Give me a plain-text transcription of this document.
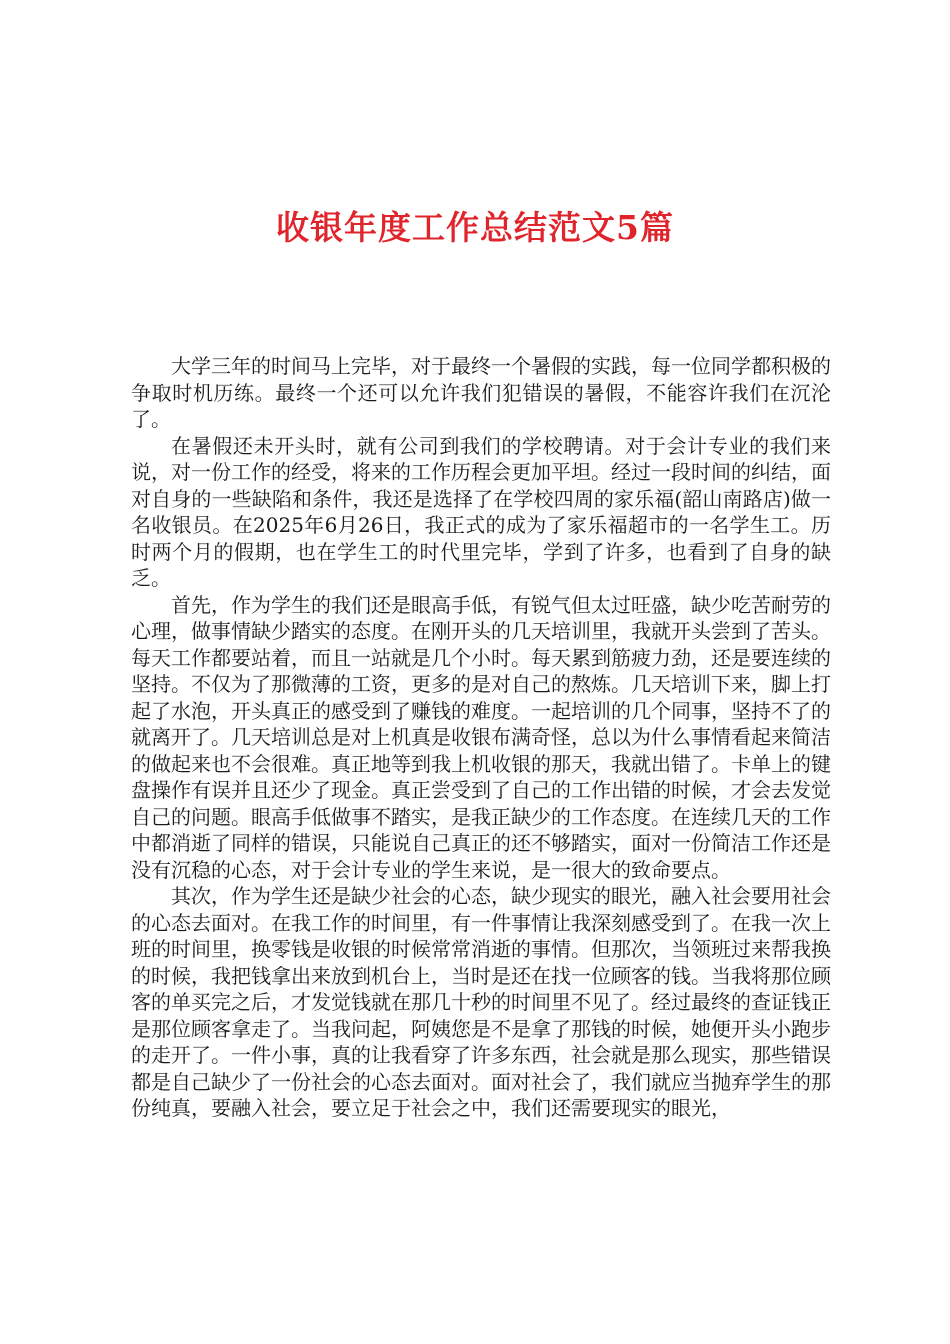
收银年度工作总结范文5篇

大学三年的时间马上完毕，对于最终一个暑假的实践，每一位同学都积极的争取时机历练。最终一个还可以允许我们犯错误的暑假，不能容许我们在沉沦了。

在暑假还未开头时，就有公司到我们的学校聘请。对于会计专业的我们来说，对一份工作的经受，将来的工作历程会更加平坦。经过一段时间的纠结，面对自身的一些缺陷和条件，我还是选择了在学校四周的家乐福(韶山南路店)做一名收银员。在2025年6月26日，我正式的成为了家乐福超市的一名学生工。历时两个月的假期，也在学生工的时代里完毕，学到了许多，也看到了自身的缺乏。

首先，作为学生的我们还是眼高手低，有锐气但太过旺盛，缺少吃苦耐劳的心理，做事情缺少踏实的态度。在刚开头的几天培训里，我就开头尝到了苦头。每天工作都要站着，而且一站就是几个小时。每天累到筋疲力劲，还是要连续的坚持。不仅为了那微薄的工资，更多的是对自己的熬炼。几天培训下来，脚上打起了水泡，开头真正的感受到了赚钱的难度。一起培训的几个同事，坚持不了的就离开了。几天培训总是对上机真是收银布满奇怪，总以为什么事情看起来简洁的做起来也不会很难。真正地等到我上机收银的那天，我就出错了。卡单上的键盘操作有误并且还少了现金。真正尝受到了自己的工作出错的时候，才会去发觉自己的问题。眼高手低做事不踏实，是我正缺少的工作态度。在连续几天的工作中都消逝了同样的错误，只能说自己真正的还不够踏实，面对一份简洁工作还是没有沉稳的心态，对于会计专业的学生来说，是一很大的致命要点。

其次，作为学生还是缺少社会的心态，缺少现实的眼光，融入社会要用社会的心态去面对。在我工作的时间里，有一件事情让我深刻感受到了。在我一次上班的时间里，换零钱是收银的时候常常消逝的事情。但那次，当领班过来帮我换的时候，我把钱拿出来放到机台上，当时是还在找一位顾客的钱。当我将那位顾客的单买完之后，才发觉钱就在那几十秒的时间里不见了。经过最终的查证钱正是那位顾客拿走了。当我问起，阿姨您是不是拿了那钱的时候，她便开头小跑步的走开了。一件小事，真的让我看穿了许多东西，社会就是那么现实，那些错误都是自己缺少了一份社会的心态去面对。面对社会了，我们就应当抛弃学生的那份纯真，要融入社会，要立足于社会之中，我们还需要现实的眼光，
